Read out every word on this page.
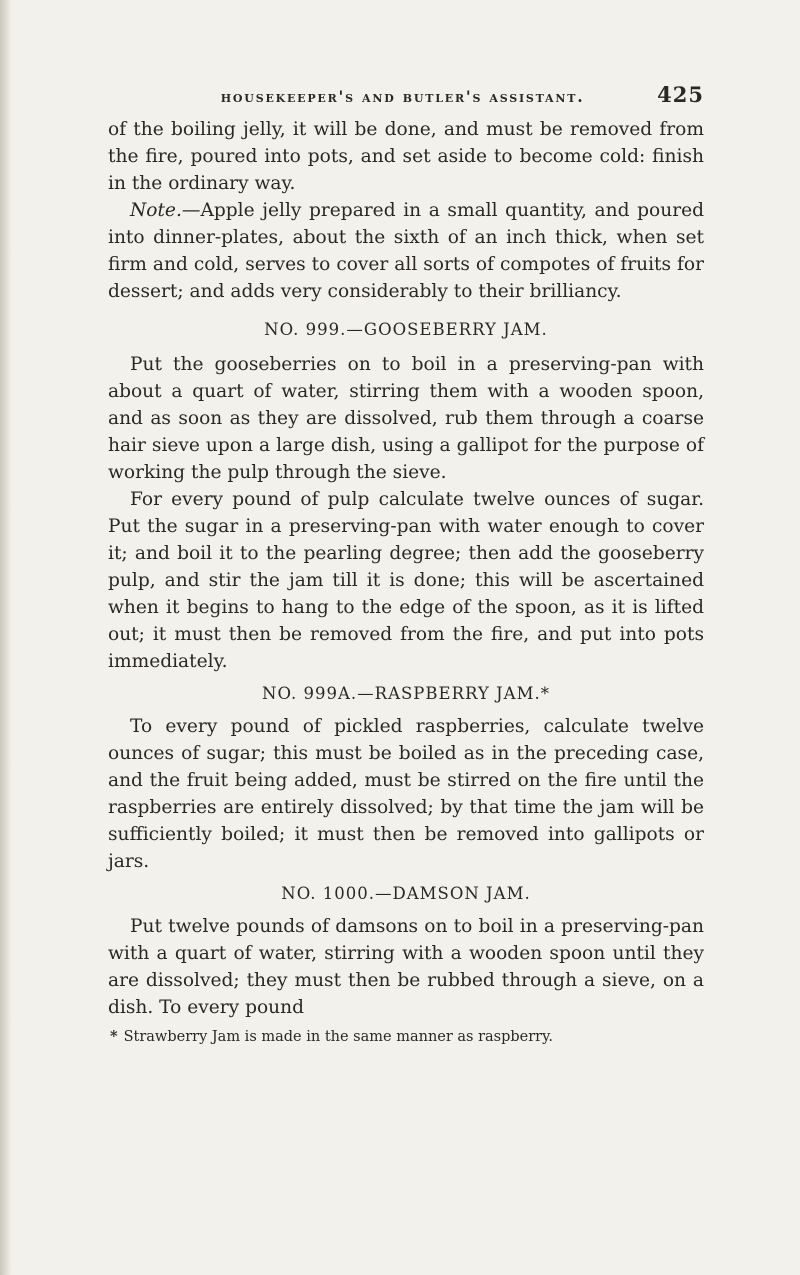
housekeeper's and butler's assistant.	425

of the boiling jelly, it will be done, and must be removed from the fire, poured into pots, and set aside to become cold: finish in the ordinary way.

Note.—Apple jelly prepared in a small quantity, and poured into dinner-plates, about the sixth of an inch thick, when set firm and cold, serves to cover all sorts of compotes of fruits for dessert; and adds very considerably to their brilliancy.

NO. 999.—GOOSEBERRY JAM.

Put the gooseberries on to boil in a preserving-pan with about a quart of water, stirring them with a wooden spoon, and as soon as they are dissolved, rub them through a coarse hair sieve upon a large dish, using a gallipot for the purpose of working the pulp through the sieve.

For every pound of pulp calculate twelve ounces of sugar. Put the sugar in a preserving-pan with water enough to cover it; and boil it to the pearling degree; then add the gooseberry pulp, and stir the jam till it is done; this will be ascertained when it begins to hang to the edge of the spoon, as it is lifted out; it must then be removed from the fire, and put into pots immediately.

NO. 999A.—RASPBERRY JAM.*

To every pound of pickled raspberries, calculate twelve ounces of sugar; this must be boiled as in the preceding case, and the fruit being added, must be stirred on the fire until the raspberries are entirely dissolved; by that time the jam will be sufficiently boiled; it must then be removed into gallipots or jars.

NO. 1000.—DAMSON JAM.

Put twelve pounds of damsons on to boil in a preserving-pan with a quart of water, stirring with a wooden spoon until they are dissolved; they must then be rubbed through a sieve, on a dish. To every pound

* Strawberry Jam is made in the same manner as raspberry.
